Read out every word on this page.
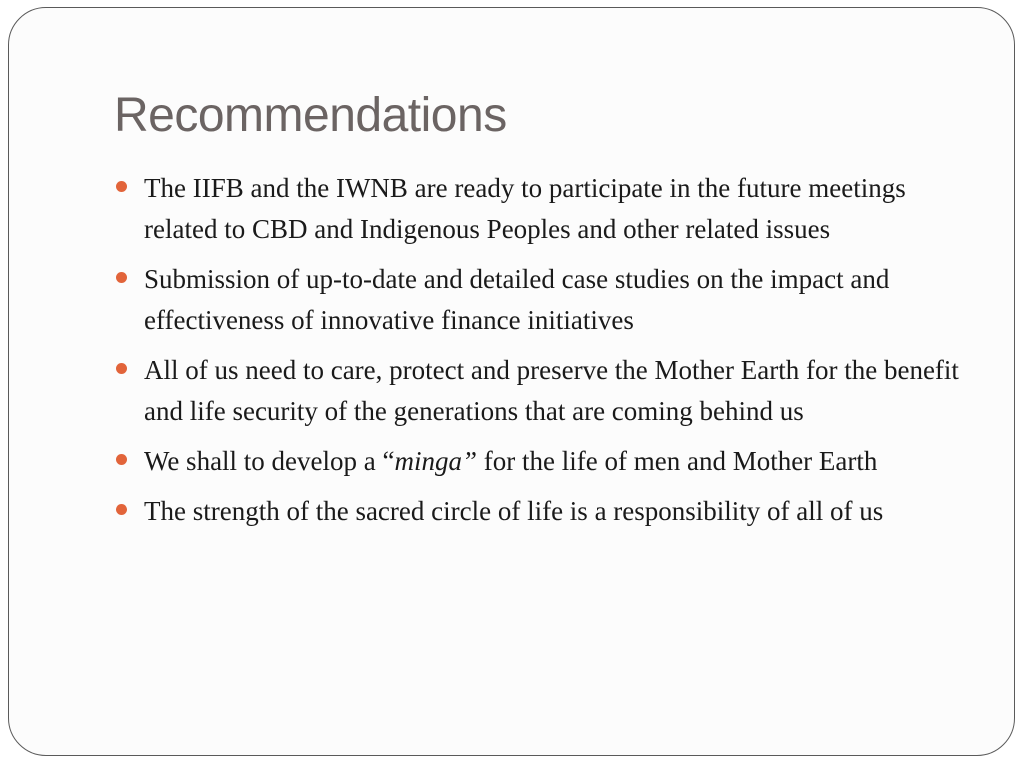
Recommendations
The IIFB and the IWNB are ready to participate in the future meetings related to CBD and Indigenous Peoples and other related issues
Submission of up-to-date and detailed case studies on the impact and effectiveness of innovative finance initiatives
All of us need to care, protect and preserve the Mother Earth for the benefit and life security of the generations that are coming behind us
We shall to develop a “minga” for the life of men and Mother Earth
The strength of the sacred circle of life is a responsibility of all of us
